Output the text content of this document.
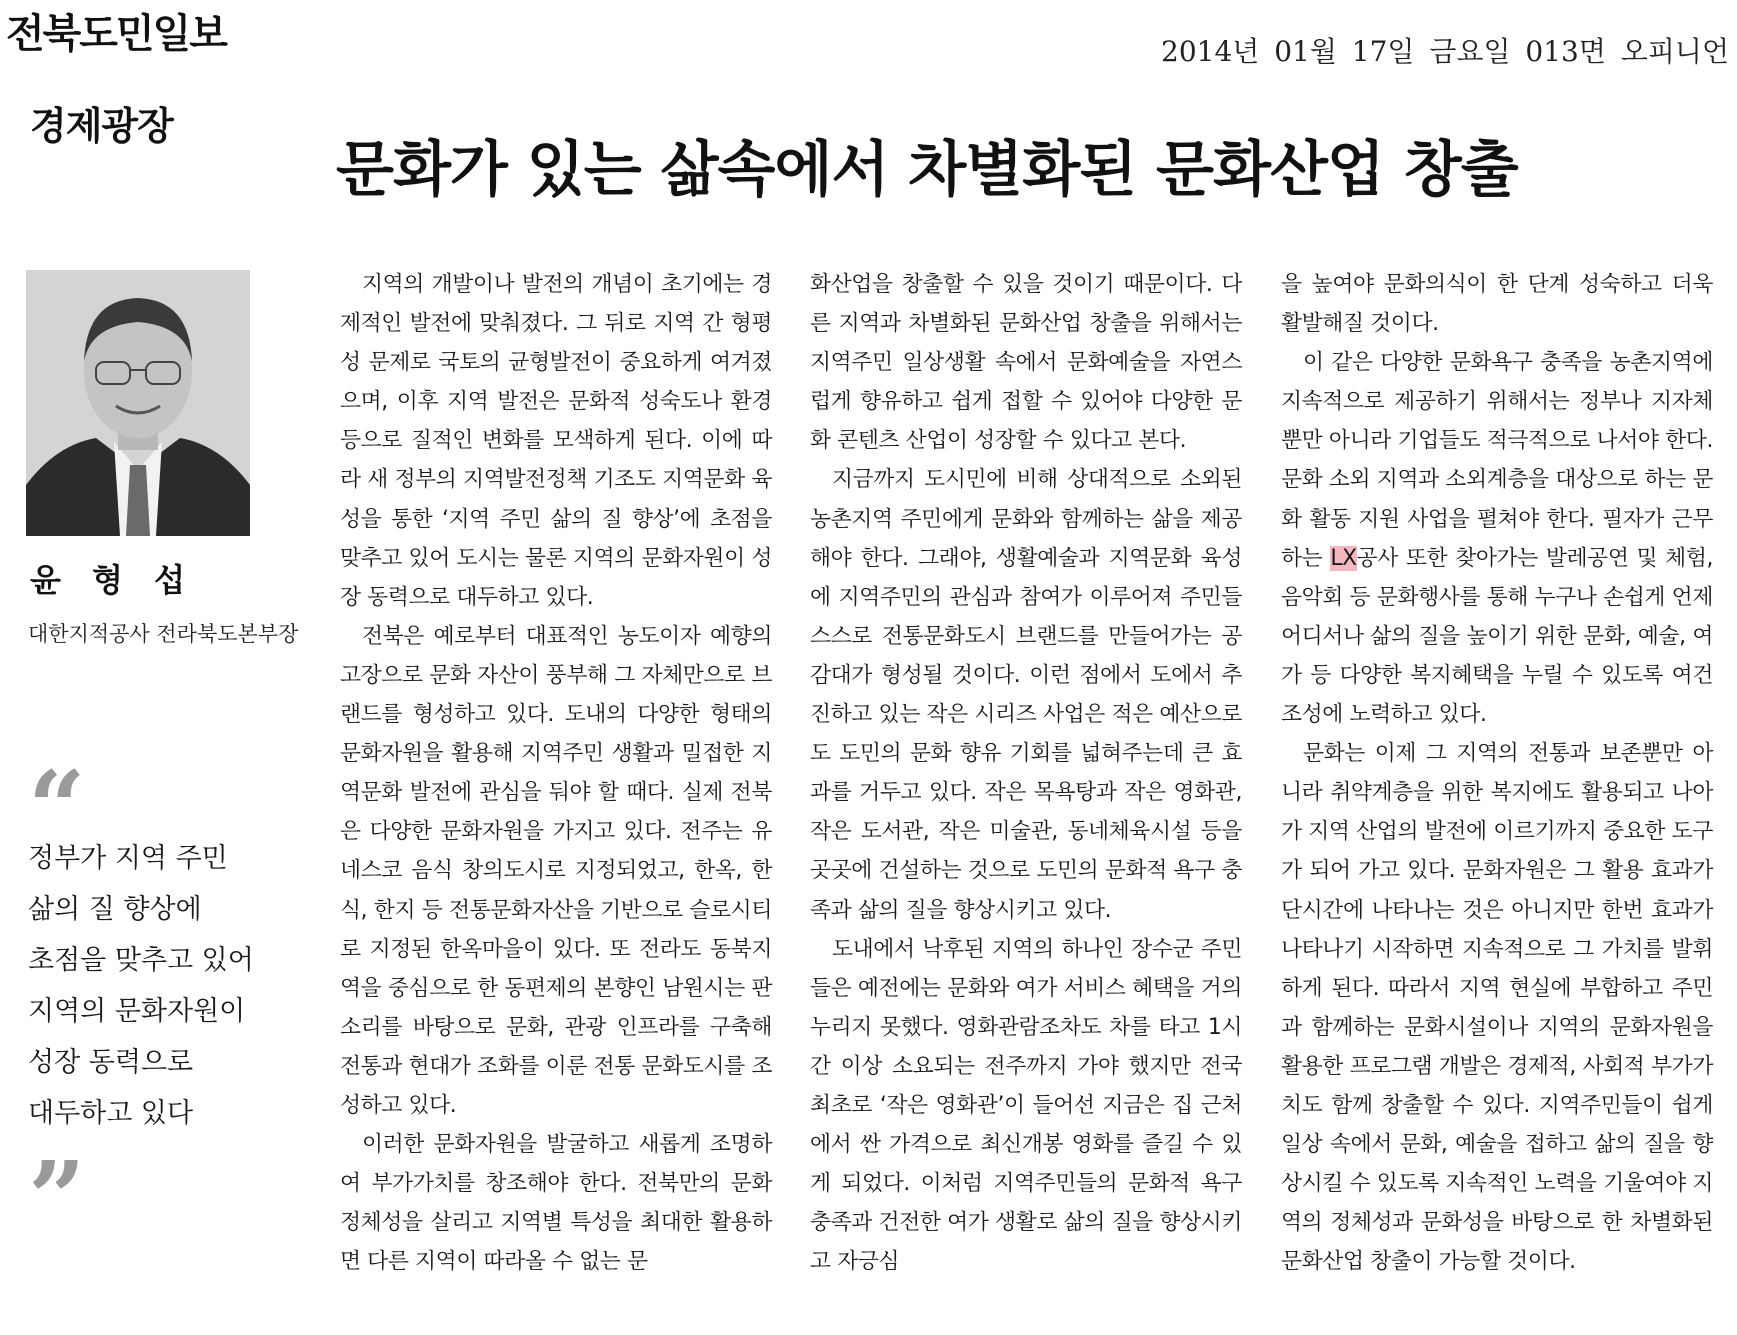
전북도민일보	2014년 01월 17일 금요일 013면 오피니언
경제광장
문화가 있는 삶속에서 차별화된 문화산업 창출
윤 형 섭
대한지적공사 전라북도본부장
“
정부가 지역 주민
삶의 질 향상에
초점을 맞추고 있어
지역의 문화자원이
성장 동력으로
대두하고 있다
”

지역의 개발이나 발전의 개념이 초기에는 경제적인 발전에 맞춰졌다. 그 뒤로 지역 간 형평성 문제로 국토의 균형발전이 중요하게 여겨졌으며, 이후 지역 발전은 문화적 성숙도나 환경 등으로 질적인 변화를 모색하게 된다. 이에 따라 새 정부의 지역발전정책 기조도 지역문화 육성을 통한 ‘지역 주민 삶의 질 향상’에 초점을 맞추고 있어 도시는 물론 지역의 문화자원이 성장 동력으로 대두하고 있다.

전북은 예로부터 대표적인 농도이자 예향의 고장으로 문화 자산이 풍부해 그 자체만으로 브랜드를 형성하고 있다. 도내의 다양한 형태의 문화자원을 활용해 지역주민 생활과 밀접한 지역문화 발전에 관심을 둬야 할 때다. 실제 전북은 다양한 문화자원을 가지고 있다. 전주는 유네스코 음식 창의도시로 지정되었고, 한옥, 한식, 한지 등 전통문화자산을 기반으로 슬로시티로 지정된 한옥마을이 있다. 또 전라도 동북지역을 중심으로 한 동편제의 본향인 남원시는 판소리를 바탕으로 문화, 관광 인프라를 구축해 전통과 현대가 조화를 이룬 전통 문화도시를 조성하고 있다.

이러한 문화자원을 발굴하고 새롭게 조명하여 부가가치를 창조해야 한다. 전북만의 문화 정체성을 살리고 지역별 특성을 최대한 활용하면 다른 지역이 따라올 수 없는 문

화산업을 창출할 수 있을 것이기 때문이다. 다른 지역과 차별화된 문화산업 창출을 위해서는 지역주민 일상생활 속에서 문화예술을 자연스럽게 향유하고 쉽게 접할 수 있어야 다양한 문화 콘텐츠 산업이 성장할 수 있다고 본다.

지금까지 도시민에 비해 상대적으로 소외된 농촌지역 주민에게 문화와 함께하는 삶을 제공해야 한다. 그래야, 생활예술과 지역문화 육성에 지역주민의 관심과 참여가 이루어져 주민들 스스로 전통문화도시 브랜드를 만들어가는 공감대가 형성될 것이다. 이런 점에서 도에서 추진하고 있는 작은 시리즈 사업은 적은 예산으로도 도민의 문화 향유 기회를 넓혀주는데 큰 효과를 거두고 있다. 작은 목욕탕과 작은 영화관, 작은 도서관, 작은 미술관, 동네체육시설 등을 곳곳에 건설하는 것으로 도민의 문화적 욕구 충족과 삶의 질을 향상시키고 있다.

도내에서 낙후된 지역의 하나인 장수군 주민들은 예전에는 문화와 여가 서비스 혜택을 거의 누리지 못했다. 영화관람조차도 차를 타고 1시간 이상 소요되는 전주까지 가야 했지만 전국 최초로 ‘작은 영화관’이 들어선 지금은 집 근처에서 싼 가격으로 최신개봉 영화를 즐길 수 있게 되었다. 이처럼 지역주민들의 문화적 욕구 충족과 건전한 여가 생활로 삶의 질을 향상시키고 자긍심

을 높여야 문화의식이 한 단계 성숙하고 더욱 활발해질 것이다.

이 같은 다양한 문화욕구 충족을 농촌지역에 지속적으로 제공하기 위해서는 정부나 지자체뿐만 아니라 기업들도 적극적으로 나서야 한다. 문화 소외 지역과 소외계층을 대상으로 하는 문화 활동 지원 사업을 펼쳐야 한다. 필자가 근무하는 LX공사 또한 찾아가는 발레공연 및 체험, 음악회 등 문화행사를 통해 누구나 손쉽게 언제 어디서나 삶의 질을 높이기 위한 문화, 예술, 여가 등 다양한 복지혜택을 누릴 수 있도록 여건 조성에 노력하고 있다.

문화는 이제 그 지역의 전통과 보존뿐만 아니라 취약계층을 위한 복지에도 활용되고 나아가 지역 산업의 발전에 이르기까지 중요한 도구가 되어 가고 있다. 문화자원은 그 활용 효과가 단시간에 나타나는 것은 아니지만 한번 효과가 나타나기 시작하면 지속적으로 그 가치를 발휘하게 된다. 따라서 지역 현실에 부합하고 주민과 함께하는 문화시설이나 지역의 문화자원을 활용한 프로그램 개발은 경제적, 사회적 부가가치도 함께 창출할 수 있다. 지역주민들이 쉽게 일상 속에서 문화, 예술을 접하고 삶의 질을 향상시킬 수 있도록 지속적인 노력을 기울여야 지역의 정체성과 문화성을 바탕으로 한 차별화된 문화산업 창출이 가능할 것이다.
